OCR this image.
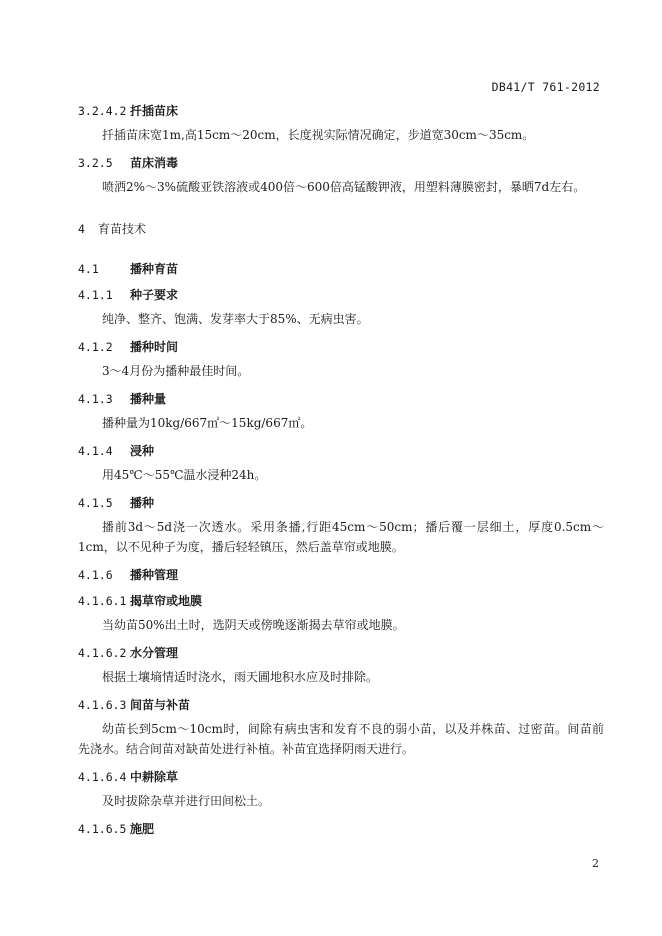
DB41/T 761-2012
3.2.4.2 扦插苗床

扦插苗床宽1m,高15cm～20cm，长度视实际情况确定，步道宽30cm～35cm。

3.2.5 苗床消毒

喷洒2%～3%硫酸亚铁溶液或400倍～600倍高锰酸钾液，用塑料薄膜密封，暴晒7d左右。

4 育苗技术
4.1	播种育苗
4.1.1 种子要求

纯净、整齐、饱满、发芽率大于85%、无病虫害。

4.1.2 播种时间

3～4月份为播种最佳时间。

4.1.3 播种量

播种量为10kg/667㎡～15kg/667㎡。

4.1.4 浸种

用45℃～55℃温水浸种24h。

4.1.5 播种

播前3d～5d浇一次透水。采用条播,行距45cm～50cm；播后覆一层细土，厚度0.5cm～1cm，以不见种子为度，播后轻轻镇压，然后盖草帘或地膜。

4.1.6 播种管理
4.1.6.1 揭草帘或地膜

当幼苗50%出土时，选阴天或傍晚逐渐揭去草帘或地膜。

4.1.6.2 水分管理

根据土壤墒情适时浇水，雨天圃地积水应及时排除。

4.1.6.3 间苗与补苗

幼苗长到5cm～10cm时，间除有病虫害和发育不良的弱小苗，以及并株苗、过密苗。间苗前先浇水。结合间苗对缺苗处进行补植。补苗宜选择阴雨天进行。

4.1.6.4 中耕除草

及时拔除杂草并进行田间松土。

4.1.6.5 施肥
2
